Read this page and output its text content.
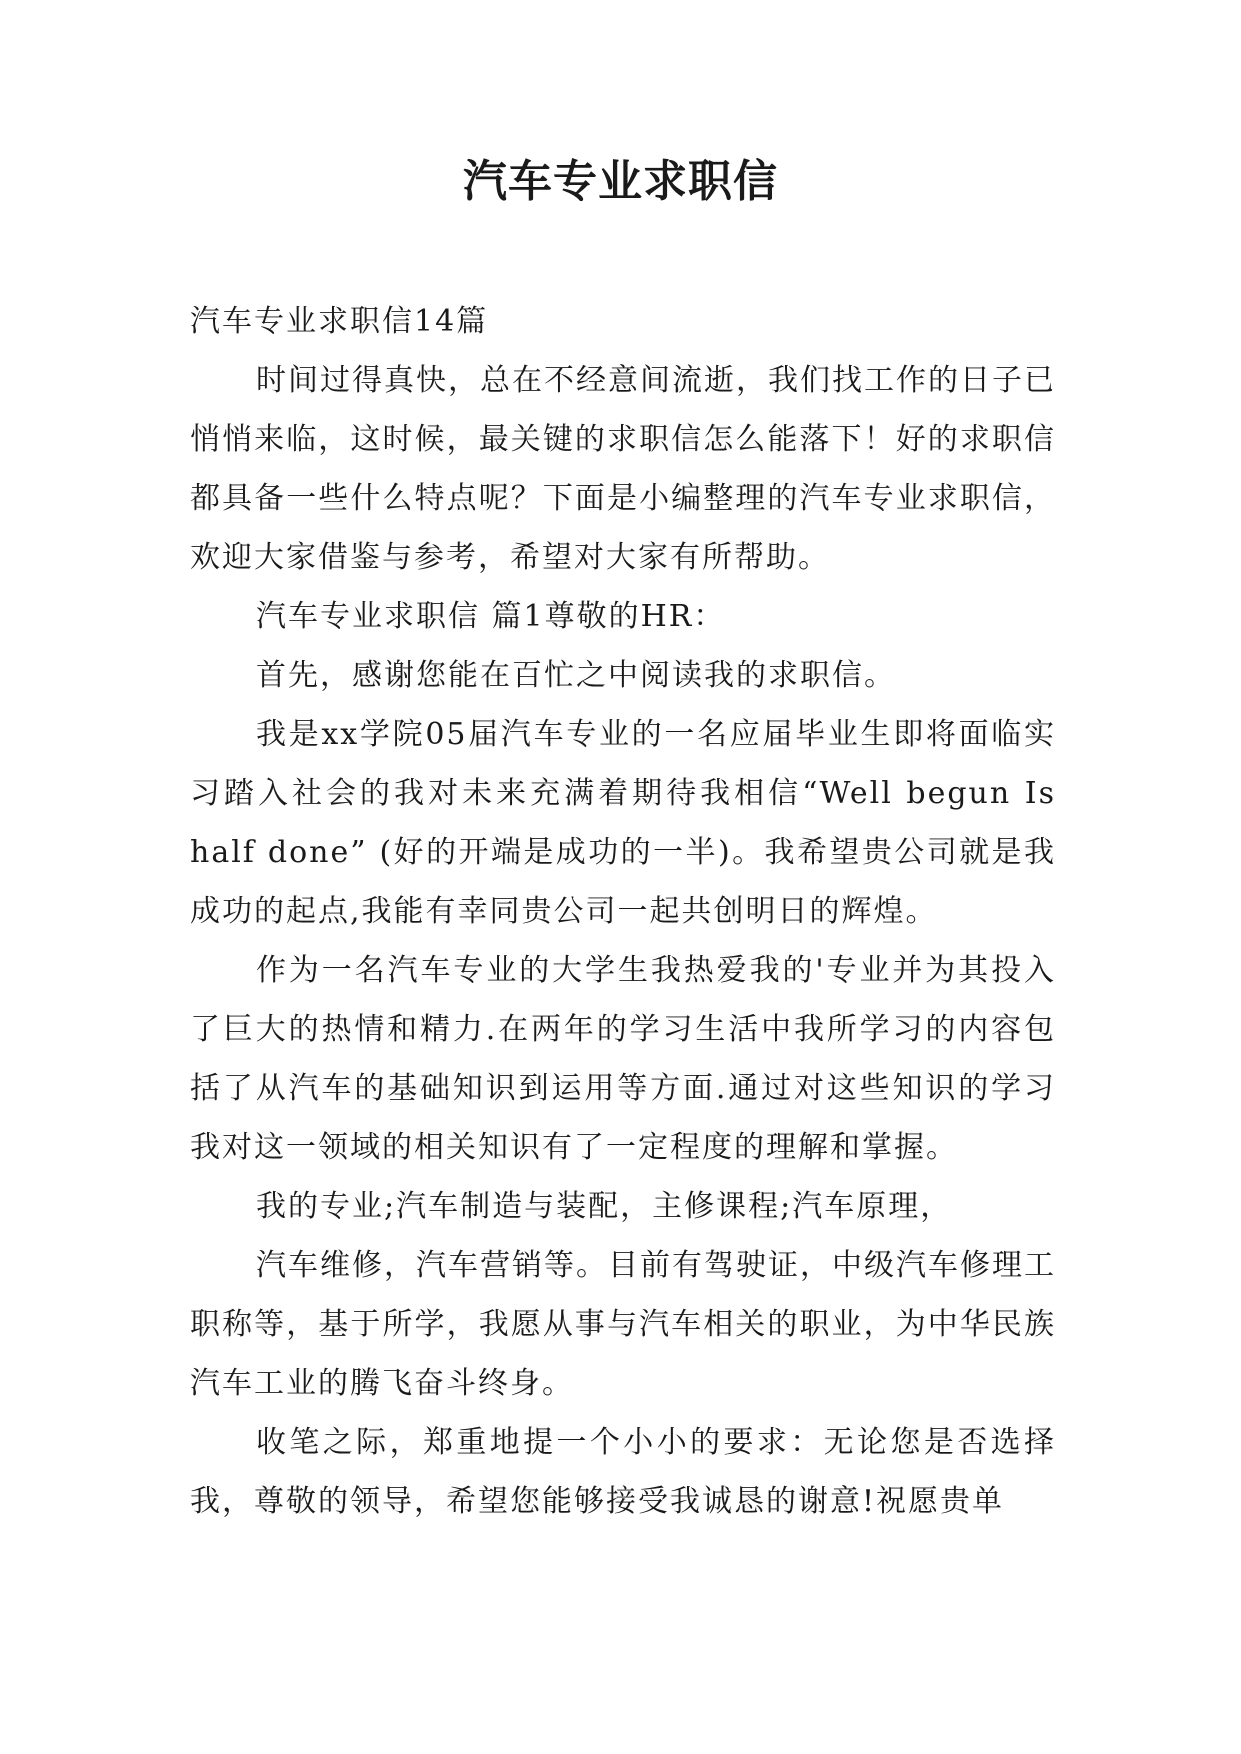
汽车专业求职信

汽车专业求职信14篇

时间过得真快，总在不经意间流逝，我们找工作的日子已悄悄来临，这时候，最关键的求职信怎么能落下！好的求职信都具备一些什么特点呢？下面是小编整理的汽车专业求职信，欢迎大家借鉴与参考，希望对大家有所帮助。

汽车专业求职信 篇1尊敬的HR：

首先，感谢您能在百忙之中阅读我的求职信。

我是xx学院05届汽车专业的一名应届毕业生即将面临实习踏入社会的我对未来充满着期待我相信“Well begun Is half done” (好的开端是成功的一半)。我希望贵公司就是我成功的起点,我能有幸同贵公司一起共创明日的辉煌。

作为一名汽车专业的大学生我热爱我的'专业并为其投入了巨大的热情和精力.在两年的学习生活中我所学习的内容包括了从汽车的基础知识到运用等方面.通过对这些知识的学习我对这一领域的相关知识有了一定程度的理解和掌握。

我的专业;汽车制造与装配，主修课程;汽车原理，

汽车维修，汽车营销等。目前有驾驶证，中级汽车修理工职称等，基于所学，我愿从事与汽车相关的职业，为中华民族汽车工业的腾飞奋斗终身。

收笔之际，郑重地提一个小小的要求：无论您是否选择我，尊敬的领导，希望您能够接受我诚恳的谢意!祝愿贵单
